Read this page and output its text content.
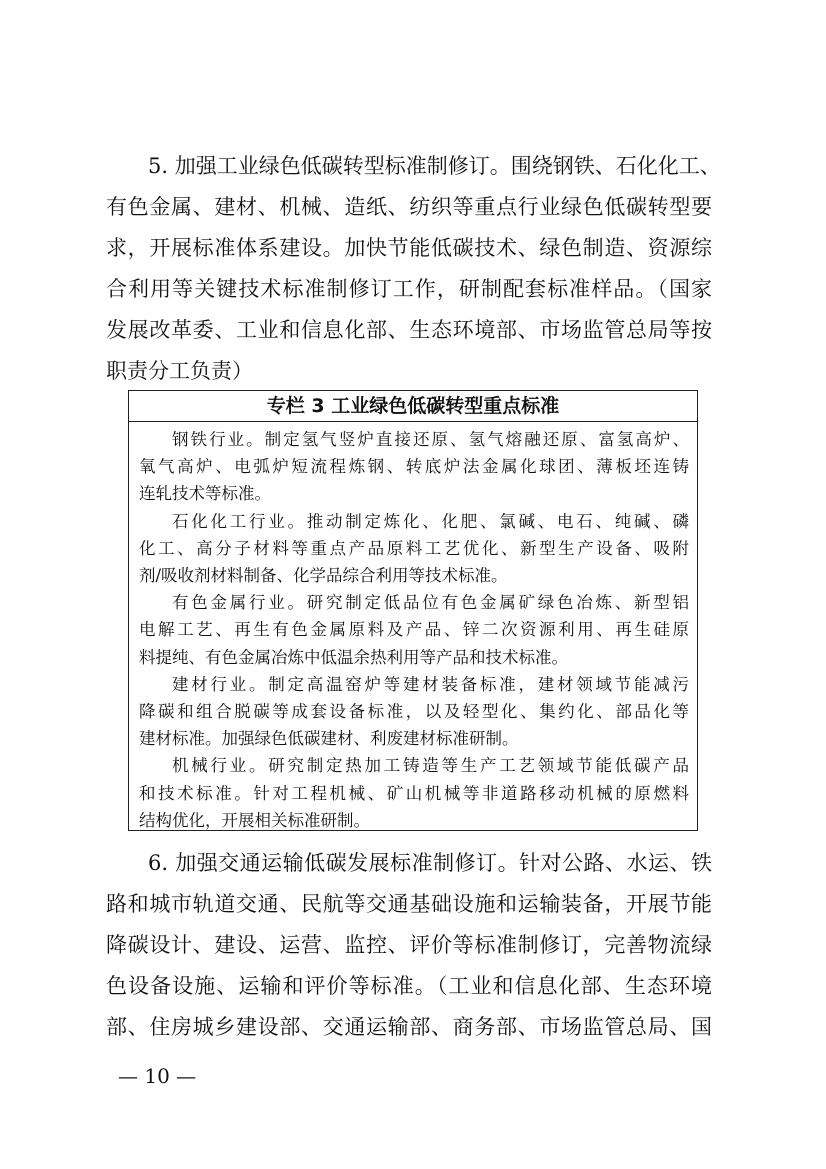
5. 加强工业绿色低碳转型标准制修订。围绕钢铁、石化化工、
有色金属、建材、机械、造纸、纺织等重点行业绿色低碳转型要
求，开展标准体系建设。加快节能低碳技术、绿色制造、资源综
合利用等关键技术标准制修订工作，研制配套标准样品。（国家
发展改革委、工业和信息化部、生态环境部、市场监管总局等按
职责分工负责）
专栏 3 工业绿色低碳转型重点标准

钢铁行业。制定氢气竖炉直接还原、氢气熔融还原、富氢高炉、
氧气高炉、电弧炉短流程炼钢、转底炉法金属化球团、薄板坯连铸
连轧技术等标准。

石化化工行业。推动制定炼化、化肥、氯碱、电石、纯碱、磷
化工、高分子材料等重点产品原料工艺优化、新型生产设备、吸附
剂/吸收剂材料制备、化学品综合利用等技术标准。

有色金属行业。研究制定低品位有色金属矿绿色冶炼、新型铝
电解工艺、再生有色金属原料及产品、锌二次资源利用、再生硅原
料提纯、有色金属冶炼中低温余热利用等产品和技术标准。

建材行业。制定高温窑炉等建材装备标准，建材领域节能减污
降碳和组合脱碳等成套设备标准，以及轻型化、集约化、部品化等
建材标准。加强绿色低碳建材、利废建材标准研制。

机械行业。研究制定热加工铸造等生产工艺领域节能低碳产品
和技术标准。针对工程机械、矿山机械等非道路移动机械的原燃料
结构优化，开展相关标准研制。

6. 加强交通运输低碳发展标准制修订。针对公路、水运、铁
路和城市轨道交通、民航等交通基础设施和运输装备，开展节能
降碳设计、建设、运营、监控、评价等标准制修订，完善物流绿
色设备设施、运输和评价等标准。（工业和信息化部、生态环境
部、住房城乡建设部、交通运输部、商务部、市场监管总局、国
— 10 —
